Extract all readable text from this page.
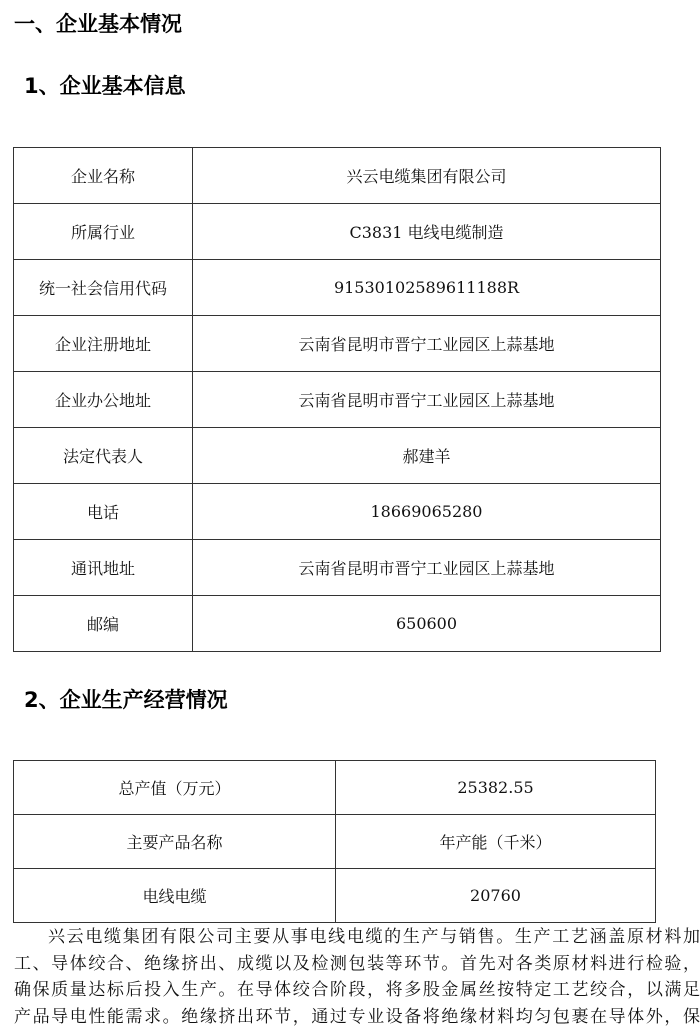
一、企业基本情况
1、企业基本信息
企业名称	兴云电缆集团有限公司
所属行业	C3831 电线电缆制造
统一社会信用代码	91530102589611188R
企业注册地址	云南省昆明市晋宁工业园区上蒜基地
企业办公地址	云南省昆明市晋宁工业园区上蒜基地
法定代表人	郝建羊
电话	18669065280
通讯地址	云南省昆明市晋宁工业园区上蒜基地
邮编	650600
2、企业生产经营情况
总产值（万元）	25382.55
主要产品名称	年产能（千米）
电线电缆	20760
兴云电缆集团有限公司主要从事电线电缆的生产与销售。生产工艺涵盖原材料加
工、导体绞合、绝缘挤出、成缆以及检测包装等环节。首先对各类原材料进行检验，
确保质量达标后投入生产。在导体绞合阶段，将多股金属丝按特定工艺绞合，以满足
产品导电性能需求。绝缘挤出环节，通过专业设备将绝缘材料均匀包裹在导体外，保
